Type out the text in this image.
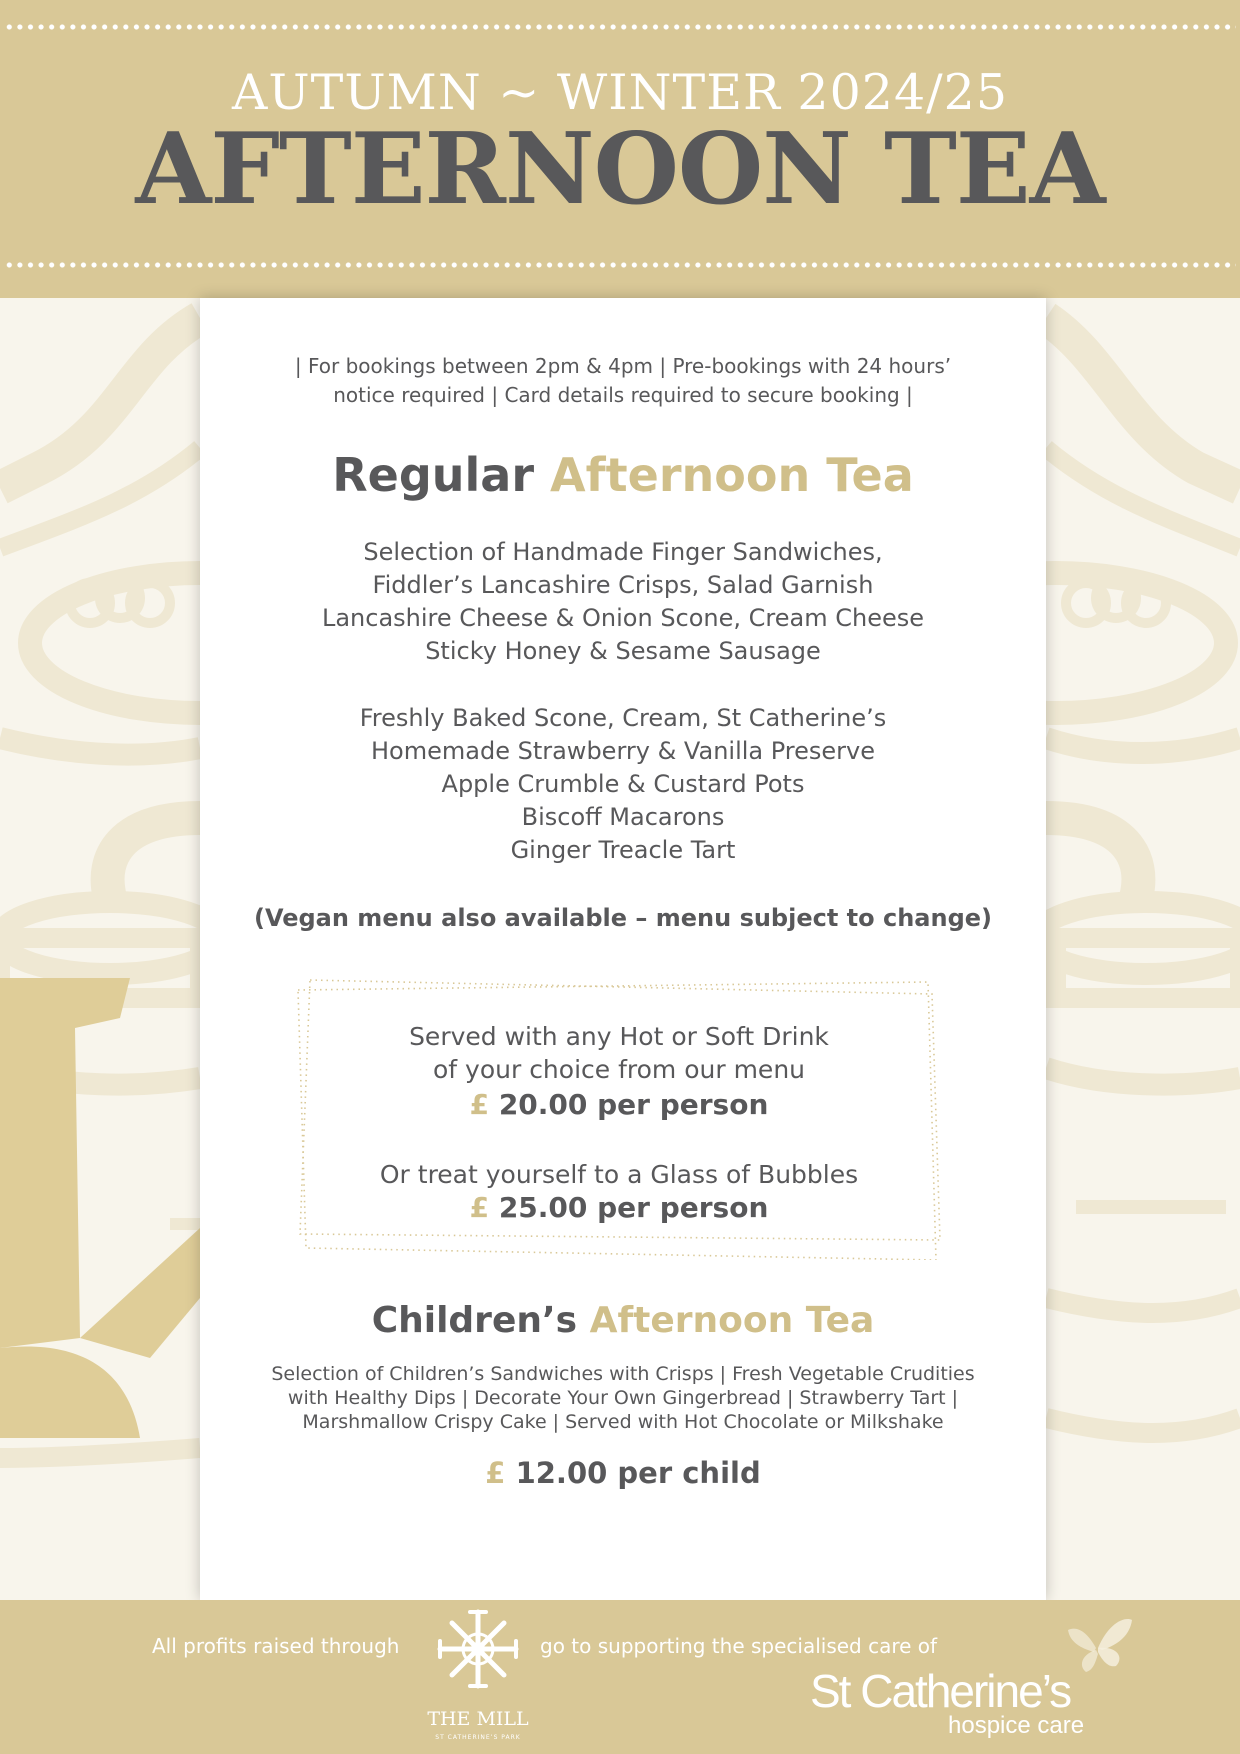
AUTUMN ~ WINTER 2024/25
AFTERNOON TEA
| For bookings between 2pm & 4pm | Pre-bookings with 24 hours’
notice required | Card details required to secure booking |
Regular Afternoon Tea
Selection of Handmade Finger Sandwiches,
Fiddler’s Lancashire Crisps, Salad Garnish
Lancashire Cheese & Onion Scone, Cream Cheese
Sticky Honey & Sesame Sausage
Freshly Baked Scone, Cream, St Catherine’s
Homemade Strawberry & Vanilla Preserve
Apple Crumble & Custard Pots
Biscoff Macarons
Ginger Treacle Tart
(Vegan menu also available – menu subject to change)
Served with any Hot or Soft Drink
of your choice from our menu
£ 20.00 per person
Or treat yourself to a Glass of Bubbles
£ 25.00 per person
Children’s Afternoon Tea
Selection of Children’s Sandwiches with Crisps | Fresh Vegetable Crudities
with Healthy Dips | Decorate Your Own Gingerbread | Strawberry Tart |
Marshmallow Crispy Cake | Served with Hot Chocolate or Milkshake
£ 12.00 per child
All profits raised through
THE MILL
ST CATHERINE’S PARK
go to supporting the specialised care of
St Catherine’s
hospice care
